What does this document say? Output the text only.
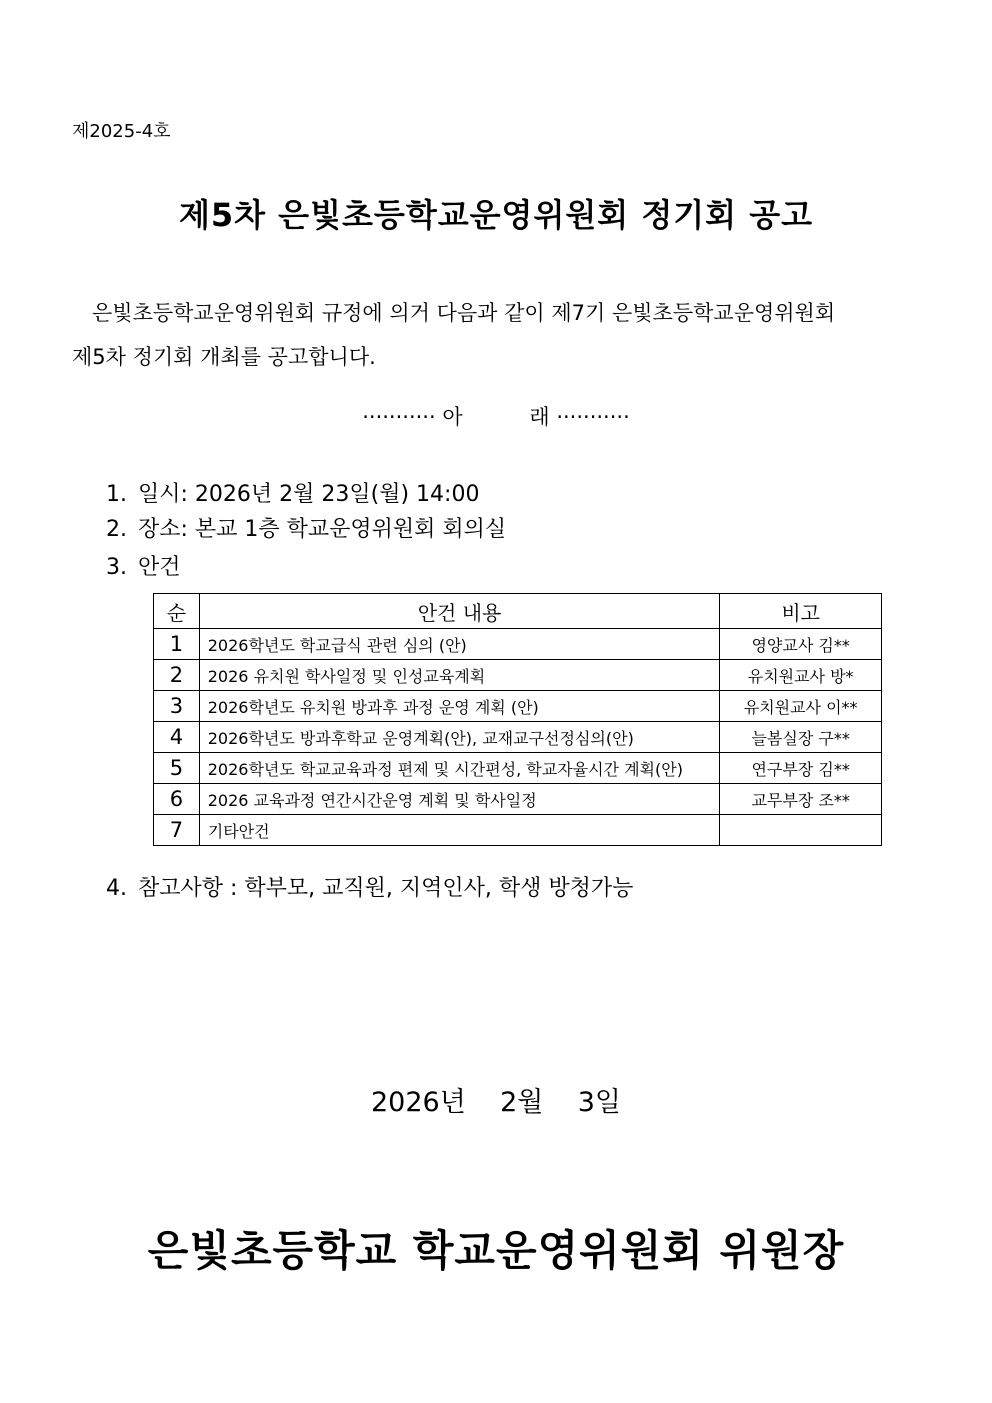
제2025-4호
제5차 은빛초등학교운영위원회 정기회 공고
은빛초등학교운영위원회 규정에 의거 다음과 같이 제7기 은빛초등학교운영위원회
제5차 정기회 개최를 공고합니다.
··········· 아          래 ···········
1. 일시: 2026년 2월 23일(월) 14:00
2. 장소: 본교 1층 학교운영위원회 회의실
3. 안건
순	안건 내용	비고
1	2026학년도 학교급식 관련 심의 (안)	영양교사 김**
2	2026 유치원 학사일정 및 인성교육계획	유치원교사 방*
3	2026학년도 유치원 방과후 과정 운영 계획 (안)	유치원교사 이**
4	2026학년도 방과후학교 운영계획(안), 교재교구선정심의(안)	늘봄실장 구**
5	2026학년도 학교교육과정 편제 및 시간편성, 학교자율시간 계획(안)	연구부장 김**
6	2026 교육과정 연간시간운영 계획 및 학사일정	교무부장 조**
7	기타안건	
4. 참고사항 : 학부모, 교직원, 지역인사, 학생 방청가능
2026년    2월    3일
은빛초등학교 학교운영위원회 위원장
